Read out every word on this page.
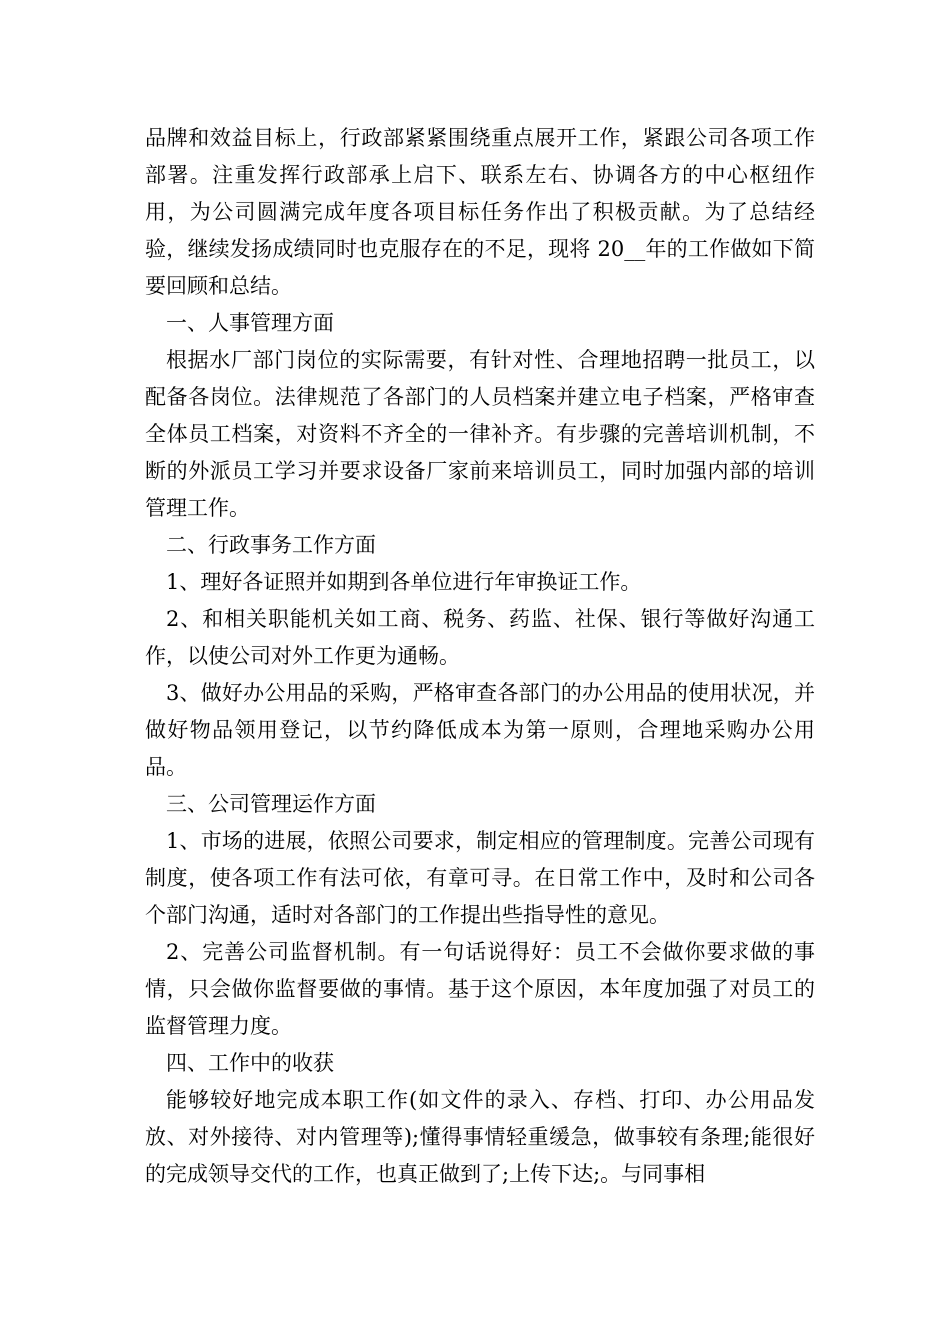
品牌和效益目标上，行政部紧紧围绕重点展开工作，紧跟公司各项工作部署。注重发挥行政部承上启下、联系左右、协调各方的中心枢纽作用，为公司圆满完成年度各项目标任务作出了积极贡献。为了总结经验，继续发扬成绩同时也克服存在的不足，现将 20__年的工作做如下简要回顾和总结。

一、人事管理方面

根据水厂部门岗位的实际需要，有针对性、合理地招聘一批员工，以配备各岗位。法律规范了各部门的人员档案并建立电子档案，严格审查全体员工档案，对资料不齐全的一律补齐。有步骤的完善培训机制，不断的外派员工学习并要求设备厂家前来培训员工，同时加强内部的培训管理工作。

二、行政事务工作方面

1、理好各证照并如期到各单位进行年审换证工作。

2、和相关职能机关如工商、税务、药监、社保、银行等做好沟通工作，以使公司对外工作更为通畅。

3、做好办公用品的采购，严格审查各部门的办公用品的使用状况，并做好物品领用登记，以节约降低成本为第一原则，合理地采购办公用品。

三、公司管理运作方面

1、市场的进展，依照公司要求，制定相应的管理制度。完善公司现有制度，使各项工作有法可依，有章可寻。在日常工作中，及时和公司各个部门沟通，适时对各部门的工作提出些指导性的意见。

2、完善公司监督机制。有一句话说得好：员工不会做你要求做的事情，只会做你监督要做的事情。基于这个原因，本年度加强了对员工的监督管理力度。

四、工作中的收获

能够较好地完成本职工作(如文件的录入、存档、打印、办公用品发放、对外接待、对内管理等);懂得事情轻重缓急，做事较有条理;能很好的完成领导交代的工作，也真正做到了;上传下达;。与同事相
